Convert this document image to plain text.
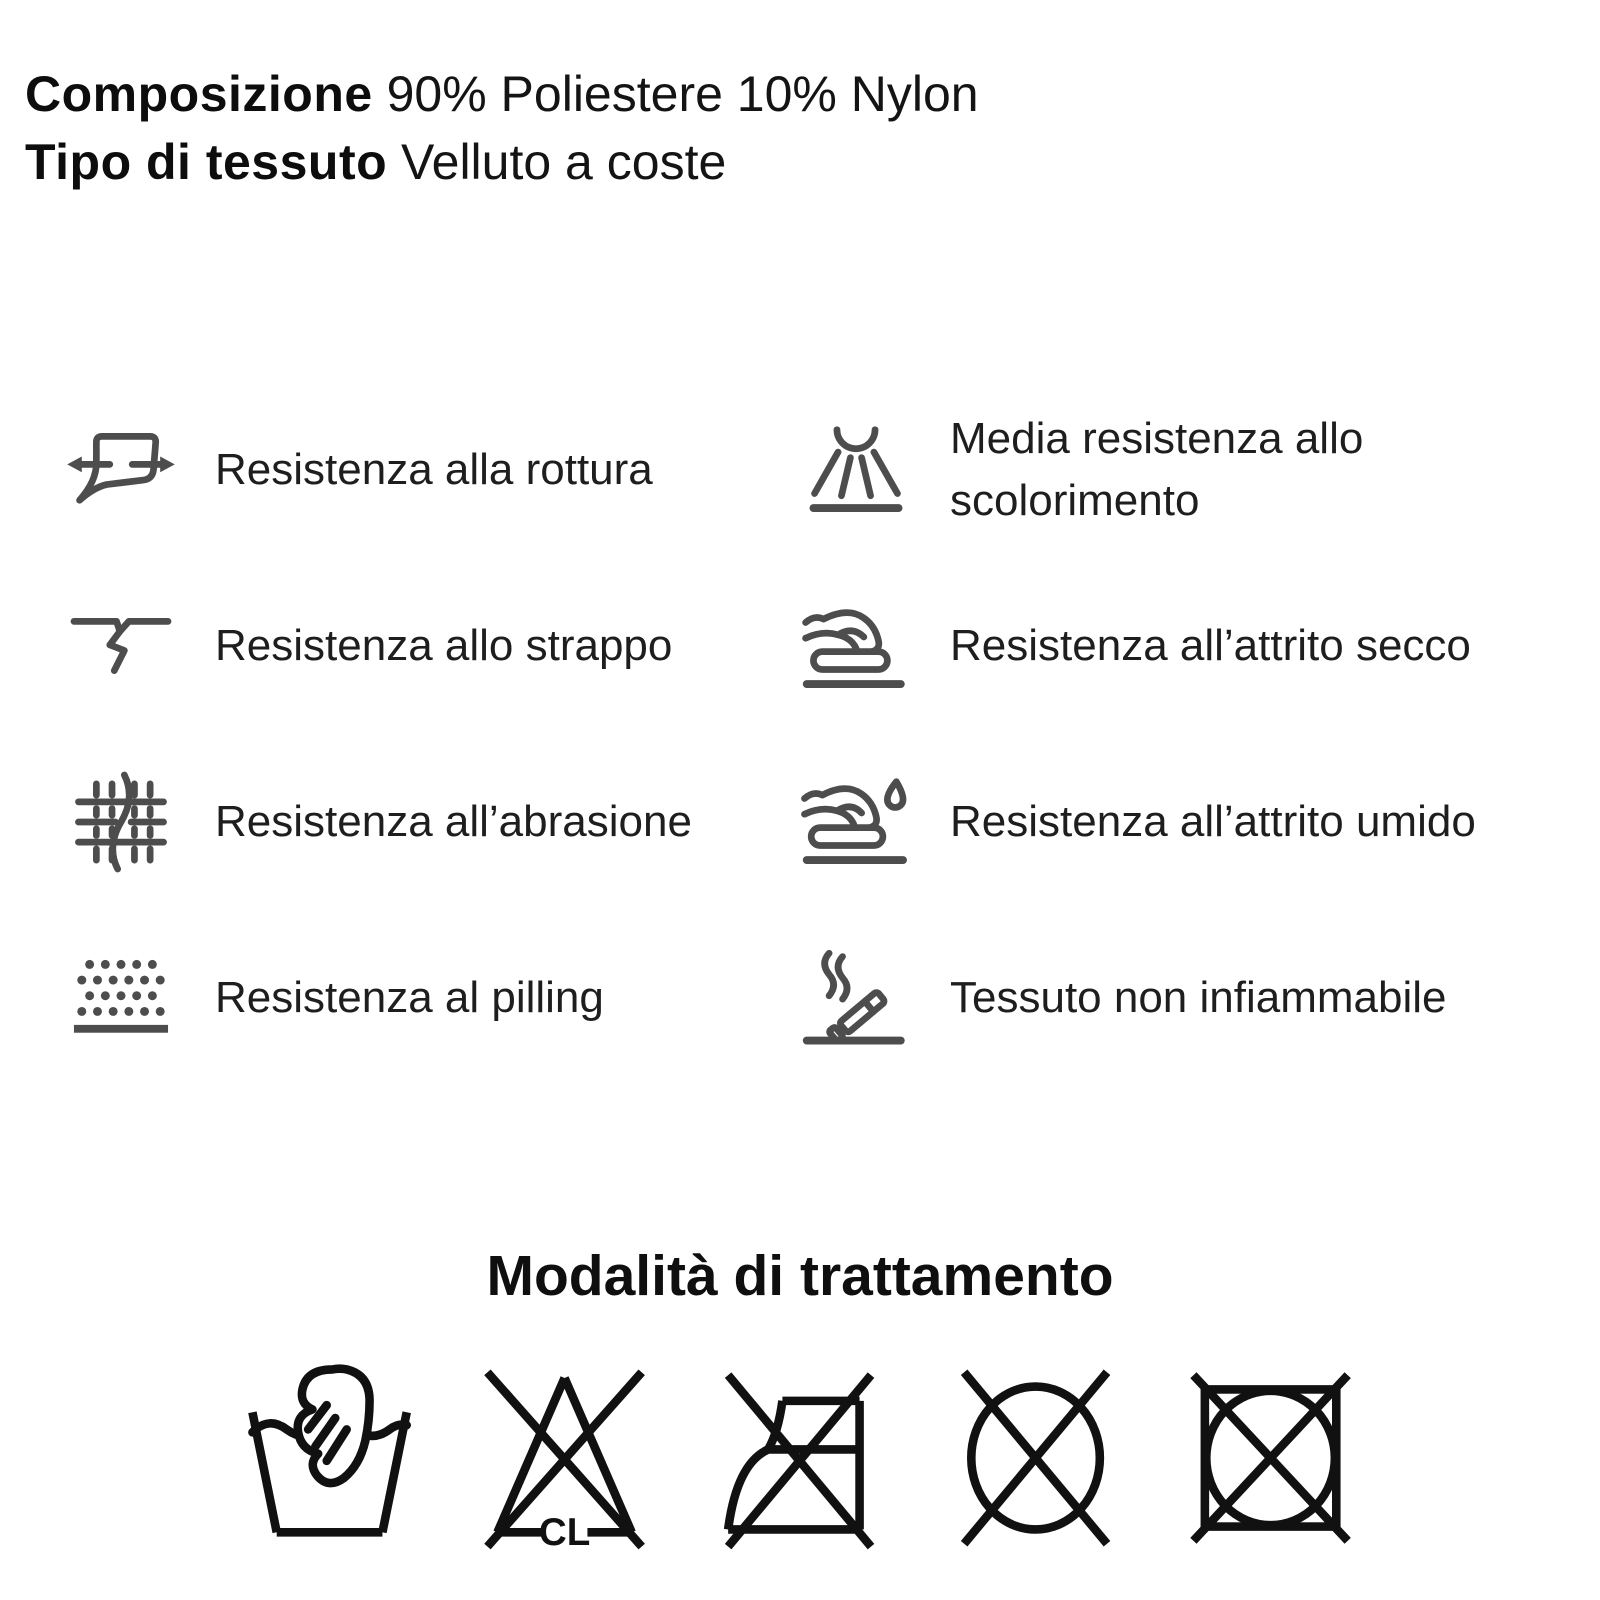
Composizione 90% Poliestere 10% Nylon
Tipo di tessuto Velluto a coste
Resistenza alla rottura
Resistenza allo strappo
Resistenza all’abrasione
Resistenza al pilling
Media resistenza allo scolorimento
Resistenza all’attrito secco
Resistenza all’attrito umido
Tessuto non infiammabile
Modalità di trattamento
CL
